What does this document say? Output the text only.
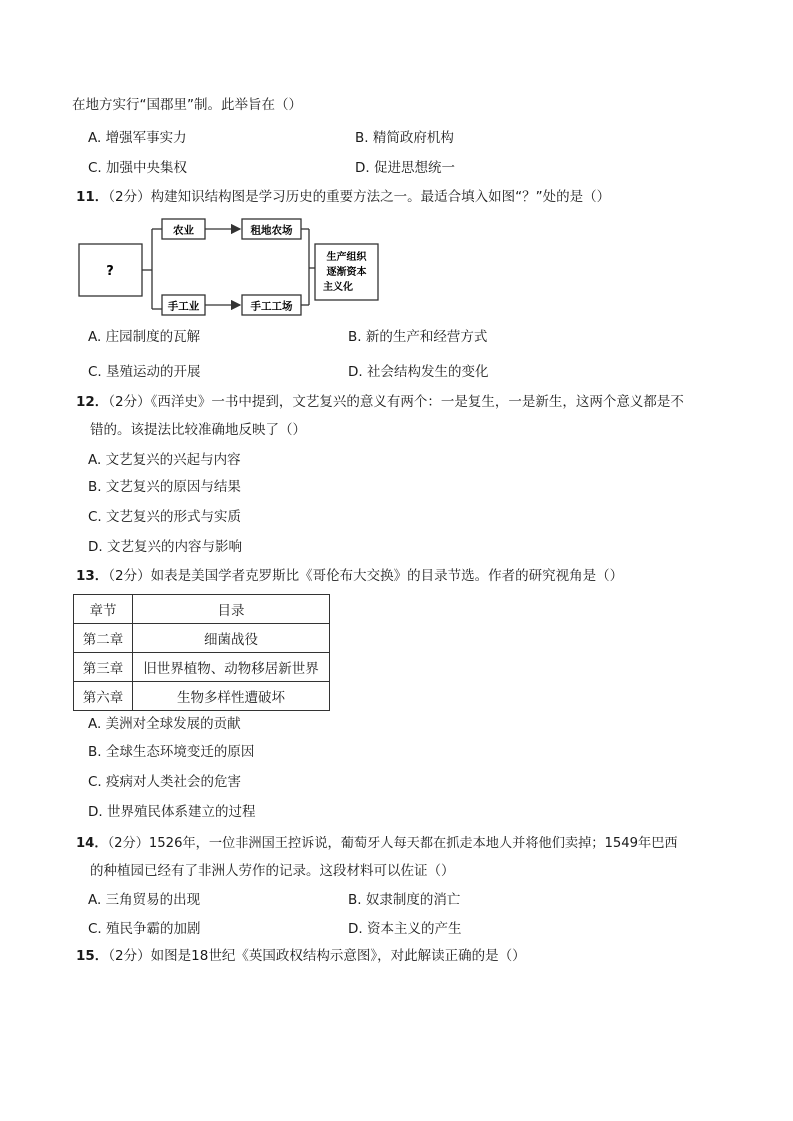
在地方实行“国郡里”制。此举旨在（）
A. 增强军事实力	B. 精简政府机构
C. 加强中央集权	D. 促进思想统一
11．（2分）构建知识结构图是学习历史的重要方法之一。最适合填入如图“？”处的是（）
?
农业
手工业
租地农场
手工工场
生产组织
逐渐资本
主义化
A. 庄园制度的瓦解	B. 新的生产和经营方式
C. 垦殖运动的开展	D. 社会结构发生的变化
12．（2分）《西洋史》一书中提到，文艺复兴的意义有两个：一是复生，一是新生，这两个意义都是不
错的。该提法比较准确地反映了（）
A. 文艺复兴的兴起与内容
B. 文艺复兴的原因与结果
C. 文艺复兴的形式与实质
D. 文艺复兴的内容与影响
13．（2分）如表是美国学者克罗斯比《哥伦布大交换》的目录节选。作者的研究视角是（）
章节	目录
第二章	细菌战役
第三章	旧世界植物、动物移居新世界
第六章	生物多样性遭破坏
A. 美洲对全球发展的贡献
B. 全球生态环境变迁的原因
C. 疫病对人类社会的危害
D. 世界殖民体系建立的过程
14．（2分）1526年，一位非洲国王控诉说，葡萄牙人每天都在抓走本地人并将他们卖掉；1549年巴西
的种植园已经有了非洲人劳作的记录。这段材料可以佐证（）
A. 三角贸易的出现	B. 奴隶制度的消亡
C. 殖民争霸的加剧	D. 资本主义的产生
15．（2分）如图是18世纪《英国政权结构示意图》，对此解读正确的是（）
